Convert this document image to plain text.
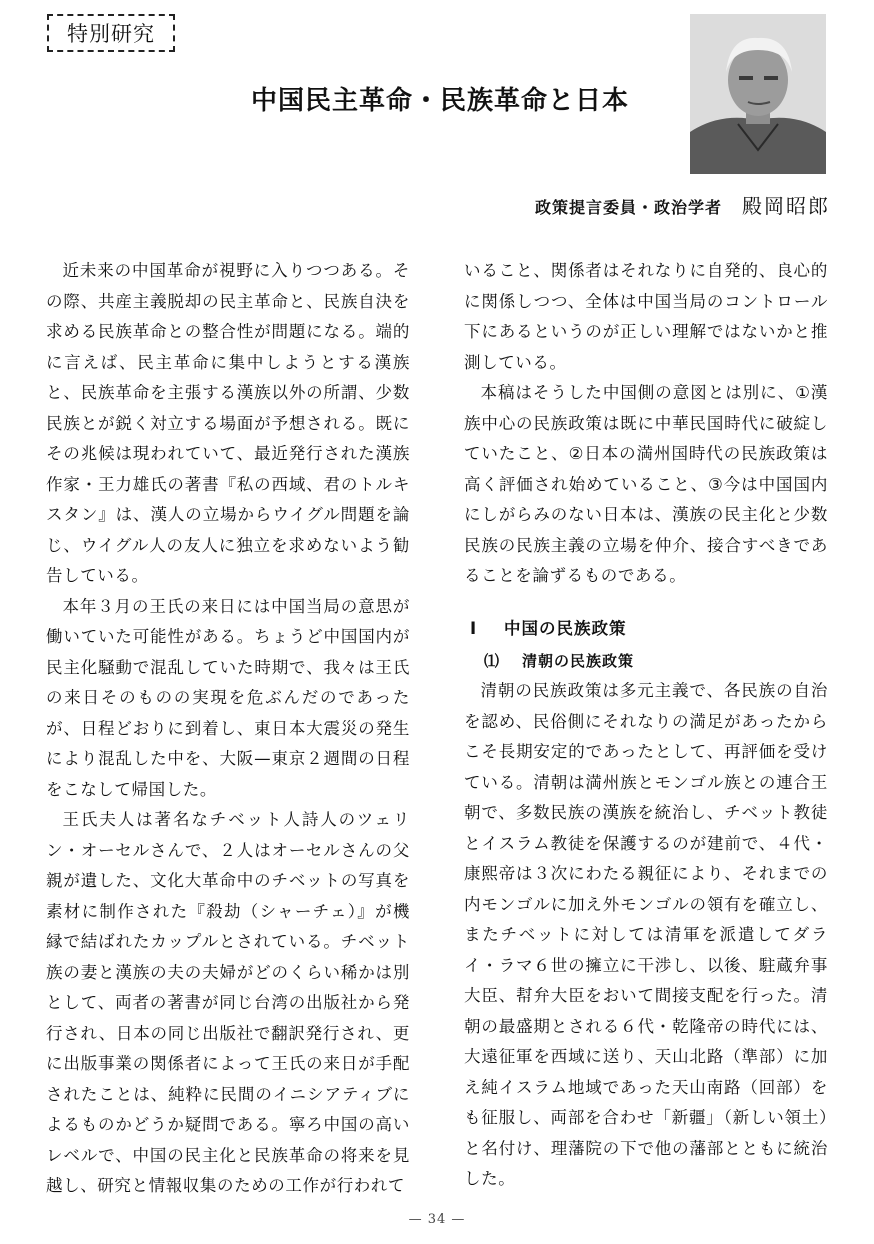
特別研究
中国民主革命・民族革命と日本
政策提言委員・政治学者 殿岡昭郎

近未来の中国革命が視野に入りつつある。その際、共産主義脱却の民主革命と、民族自決を求める民族革命との整合性が問題になる。端的に言えば、民主革命に集中しようとする漢族と、民族革命を主張する漢族以外の所謂、少数民族とが鋭く対立する場面が予想される。既にその兆候は現われていて、最近発行された漢族作家・王力雄氏の著書『私の西域、君のトルキスタン』は、漢人の立場からウイグル問題を論じ、ウイグル人の友人に独立を求めないよう勧告している。

本年３月の王氏の来日には中国当局の意思が働いていた可能性がある。ちょうど中国国内が民主化騒動で混乱していた時期で、我々は王氏の来日そのものの実現を危ぶんだのであったが、日程どおりに到着し、東日本大震災の発生により混乱した中を、大阪—東京２週間の日程をこなして帰国した。

王氏夫人は著名なチベット人詩人のツェリン・オーセルさんで、２人はオーセルさんの父親が遺した、文化大革命中のチベットの写真を素材に制作された『殺劫（シャーチェ）』が機縁で結ばれたカップルとされている。チベット族の妻と漢族の夫の夫婦がどのくらい稀かは別として、両者の著書が同じ台湾の出版社から発行され、日本の同じ出版社で翻訳発行され、更に出版事業の関係者によって王氏の来日が手配されたことは、純粋に民間のイニシアティブによるものかどうか疑問である。寧ろ中国の高いレベルで、中国の民主化と民族革命の将来を見越し、研究と情報収集のための工作が行われて

いること、関係者はそれなりに自発的、良心的に関係しつつ、全体は中国当局のコントロール下にあるというのが正しい理解ではないかと推測している。

本稿はそうした中国側の意図とは別に、①漢族中心の民族政策は既に中華民国時代に破綻していたこと、②日本の満州国時代の民族政策は高く評価され始めていること、③今は中国国内にしがらみのない日本は、漢族の民主化と少数民族の民族主義の立場を仲介、接合すべきであることを論ずるものである。

Ⅰ 中国の民族政策
⑴ 清朝の民族政策

清朝の民族政策は多元主義で、各民族の自治を認め、民俗側にそれなりの満足があったからこそ長期安定的であったとして、再評価を受けている。清朝は満州族とモンゴル族との連合王朝で、多数民族の漢族を統治し、チベット教徒とイスラム教徒を保護するのが建前で、４代・康熙帝は３次にわたる親征により、それまでの内モンゴルに加え外モンゴルの領有を確立し、またチベットに対しては清軍を派遣してダライ・ラマ６世の擁立に干渉し、以後、駐蔵弁事大臣、幇弁大臣をおいて間接支配を行った。清朝の最盛期とされる６代・乾隆帝の時代には、大遠征軍を西域に送り、天山北路（準部）に加え純イスラム地域であった天山南路（回部）をも征服し、両部を合わせ「新疆」（新しい領土）と名付け、理藩院の下で他の藩部とともに統治した。

— 34 —
